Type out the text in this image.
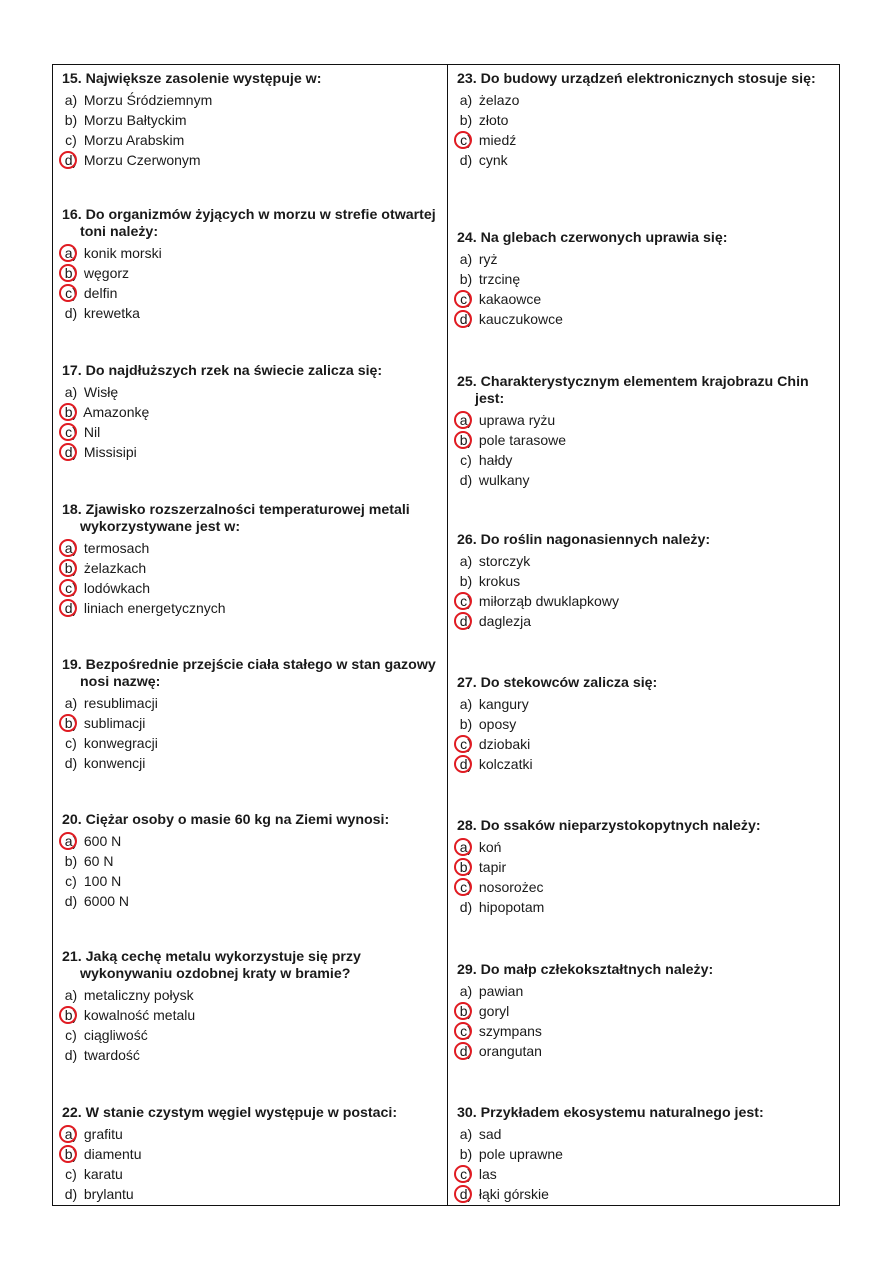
15. Największe zasolenie występuje w:
a) Morzu Śródziemnym
b) Morzu Bałtyckim
c) Morzu Arabskim
d) Morzu Czerwonym
16. Do organizmów żyjących w morzu w strefie otwartej toni należy:
a) konik morski
b) węgorz
c) delfin
d) krewetka
17. Do najdłuższych rzek na świecie zalicza się:
a) Wisłę
b) Amazonkę
c) Nil
d) Missisipi
18. Zjawisko rozszerzalności temperaturowej metali wykorzystywane jest w:
a) termosach
b) żelazkach
c) lodówkach
d) liniach energetycznych
19. Bezpośrednie przejście ciała stałego w stan gazowy nosi nazwę:
a) resublimacji
b) sublimacji
c) konwegracji
d) konwencji
20. Ciężar osoby o masie 60 kg na Ziemi wynosi:
a) 600 N
b) 60 N
c) 100 N
d) 6000 N
21. Jaką cechę metalu wykorzystuje się przy wykonywaniu ozdobnej kraty w bramie?
a) metaliczny połysk
b) kowalność metalu
c) ciągliwość
d) twardość
22. W stanie czystym węgiel występuje w postaci:
a) grafitu
b) diamentu
c) karatu
d) brylantu
23. Do budowy urządzeń elektronicznych stosuje się:
a) żelazo
b) złoto
c) miedź
d) cynk
24. Na glebach czerwonych uprawia się:
a) ryż
b) trzcinę
c) kakaowce
d) kauczukowce
25. Charakterystycznym elementem krajobrazu Chin jest:
a) uprawa ryżu
b) pole tarasowe
c) hałdy
d) wulkany
26. Do roślin nagonasiennych należy:
a) storczyk
b) krokus
c) miłorząb dwuklapkowy
d) daglezja
27. Do stekowców zalicza się:
a) kangury
b) oposy
c) dziobaki
d) kolczatki
28. Do ssaków nieparzystokopytnych należy:
a) koń
b) tapir
c) nosorożec
d) hipopotam
29. Do małp człekokształtnych należy:
a) pawian
b) goryl
c) szympans
d) orangutan
30. Przykładem ekosystemu naturalnego jest:
a) sad
b) pole uprawne
c) las
d) łąki górskie
